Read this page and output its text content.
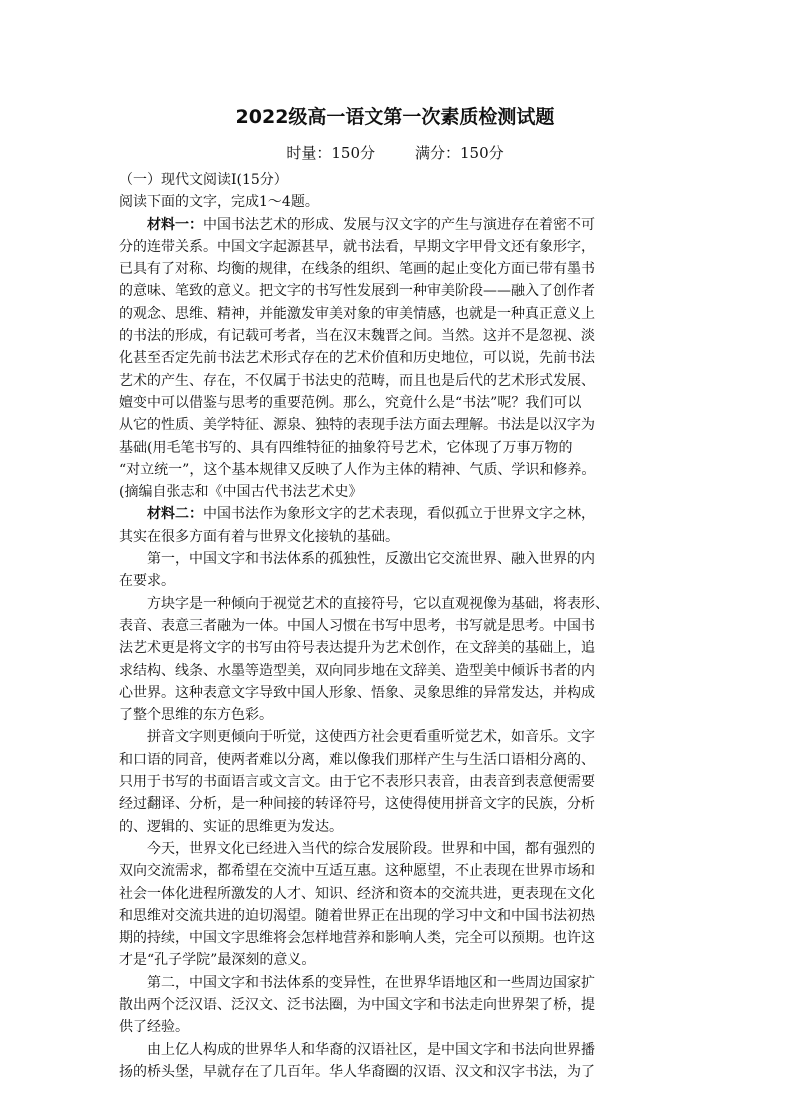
2022级高一语文第一次素质检测试题
时量：150分	满分：150分
（一）现代文阅读Ⅰ(15分）
阅读下面的文字，完成1～4题。
材料一：中国书法艺术的形成、发展与汉文字的产生与演进存在着密不可
分的连带关系。中国文字起源甚早，就书法看，早期文字甲骨文还有象形字，
已具有了对称、均衡的规律，在线条的组织、笔画的起止变化方面已带有墨书
的意味、笔致的意义。把文字的书写性发展到一种审美阶段——融入了创作者
的观念、思维、精神，并能激发审美对象的审美情感，也就是一种真正意义上
的书法的形成，有记载可考者，当在汉末魏晋之间。当然。这并不是忽视、淡
化甚至否定先前书法艺术形式存在的艺术价值和历史地位，可以说，先前书法
艺术的产生、存在，不仅属于书法史的范畴，而且也是后代的艺术形式发展、
嬗变中可以借鉴与思考的重要范例。那么，究竟什么是“书法”呢？我们可以
从它的性质、美学特征、源泉、独特的表现手法方面去理解。书法是以汉字为
基础(用毛笔书写的、具有四维特征的抽象符号艺术，它体现了万事万物的
“对立统一”，这个基本规律又反映了人作为主体的精神、气质、学识和修养。
(摘编自张志和《中国古代书法艺术史》
材料二：中国书法作为象形文字的艺术表现，看似孤立于世界文字之林，
其实在很多方面有着与世界文化接轨的基础。
第一，中国文字和书法体系的孤独性，反激出它交流世界、融入世界的内
在要求。
方块字是一种倾向于视觉艺术的直接符号，它以直观视像为基础，将表形、
表音、表意三者融为一体。中国人习惯在书写中思考，书写就是思考。中国书
法艺术更是将文字的书写由符号表达提升为艺术创作，在文辞美的基础上，追
求结构、线条、水墨等造型美，双向同步地在文辞美、造型美中倾诉书者的内
心世界。这种表意文字导致中国人形象、悟象、灵象思维的异常发达，并构成
了整个思维的东方色彩。
拼音文字则更倾向于听觉，这使西方社会更看重听觉艺术，如音乐。文字
和口语的同音，使两者难以分离，难以像我们那样产生与生活口语相分离的、
只用于书写的书面语言或文言文。由于它不表形只表音，由表音到表意便需要
经过翻译、分析，是一种间接的转译符号，这使得使用拼音文字的民族，分析
的、逻辑的、实证的思维更为发达。
今天，世界文化已经进入当代的综合发展阶段。世界和中国，都有强烈的
双向交流需求，都希望在交流中互适互惠。这种愿望，不止表现在世界市场和
社会一体化进程所激发的人才、知识、经济和资本的交流共进，更表现在文化
和思维对交流共进的迫切渴望。随着世界正在出现的学习中文和中国书法初热
期的持续，中国文字思维将会怎样地营养和影响人类，完全可以预期。也许这
才是“孔子学院”最深刻的意义。
第二，中国文字和书法体系的变异性，在世界华语地区和一些周边国家扩
散出两个泛汉语、泛汉文、泛书法圈，为中国文字和书法走向世界架了桥，提
供了经验。
由上亿人构成的世界华人和华裔的汉语社区，是中国文字和书法向世界播
扬的桥头堡，早就存在了几百年。华人华裔圈的汉语、汉文和汉字书法，为了
